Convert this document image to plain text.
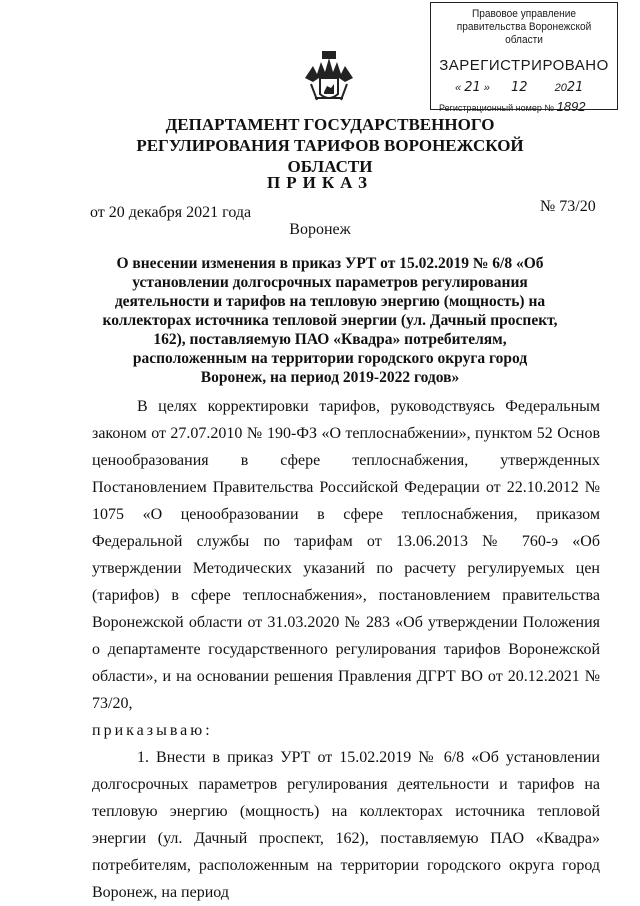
Правовое управление правительства Воронежской области
ЗАРЕГИСТРИРОВАНО
« 21 » 12 2021
Регистрационный номер № 1892
ДЕПАРТАМЕНТ ГОСУДАРСТВЕННОГО РЕГУЛИРОВАНИЯ ТАРИФОВ ВОРОНЕЖСКОЙ ОБЛАСТИ
ПРИКАЗ
от 20 декабря 2021 года	№ 73/20
Воронеж
О внесении изменения в приказ УРТ от 15.02.2019 № 6/8 «Об установлении долгосрочных параметров регулирования деятельности и тарифов на тепловую энергию (мощность) на коллекторах источника тепловой энергии (ул. Дачный проспект, 162), поставляемую ПАО «Квадра» потребителям, расположенным на территории городского округа город Воронеж, на период 2019-2022 годов»

В целях корректировки тарифов, руководствуясь Федеральным законом от 27.07.2010 № 190-ФЗ «О теплоснабжении», пунктом 52 Основ ценообразования в сфере теплоснабжения, утвержденных Постановлением Правительства Российской Федерации от 22.10.2012 № 1075 «О ценообразовании в сфере теплоснабжения, приказом Федеральной службы по тарифам от 13.06.2013 № 760-э «Об утверждении Методических указаний по расчету регулируемых цен (тарифов) в сфере теплоснабжения», постановлением правительства Воронежской области от 31.03.2020 № 283 «Об утверждении Положения о департаменте государственного регулирования тарифов Воронежской области», и на основании решения Правления ДГРТ ВО от 20.12.2021 № 73/20,

приказываю:

1. Внести в приказ УРТ от 15.02.2019 № 6/8 «Об установлении долгосрочных параметров регулирования деятельности и тарифов на тепловую энергию (мощность) на коллекторах источника тепловой энергии (ул. Дачный проспект, 162), поставляемую ПАО «Квадра» потребителям, расположенным на территории городского округа город Воронеж, на период
